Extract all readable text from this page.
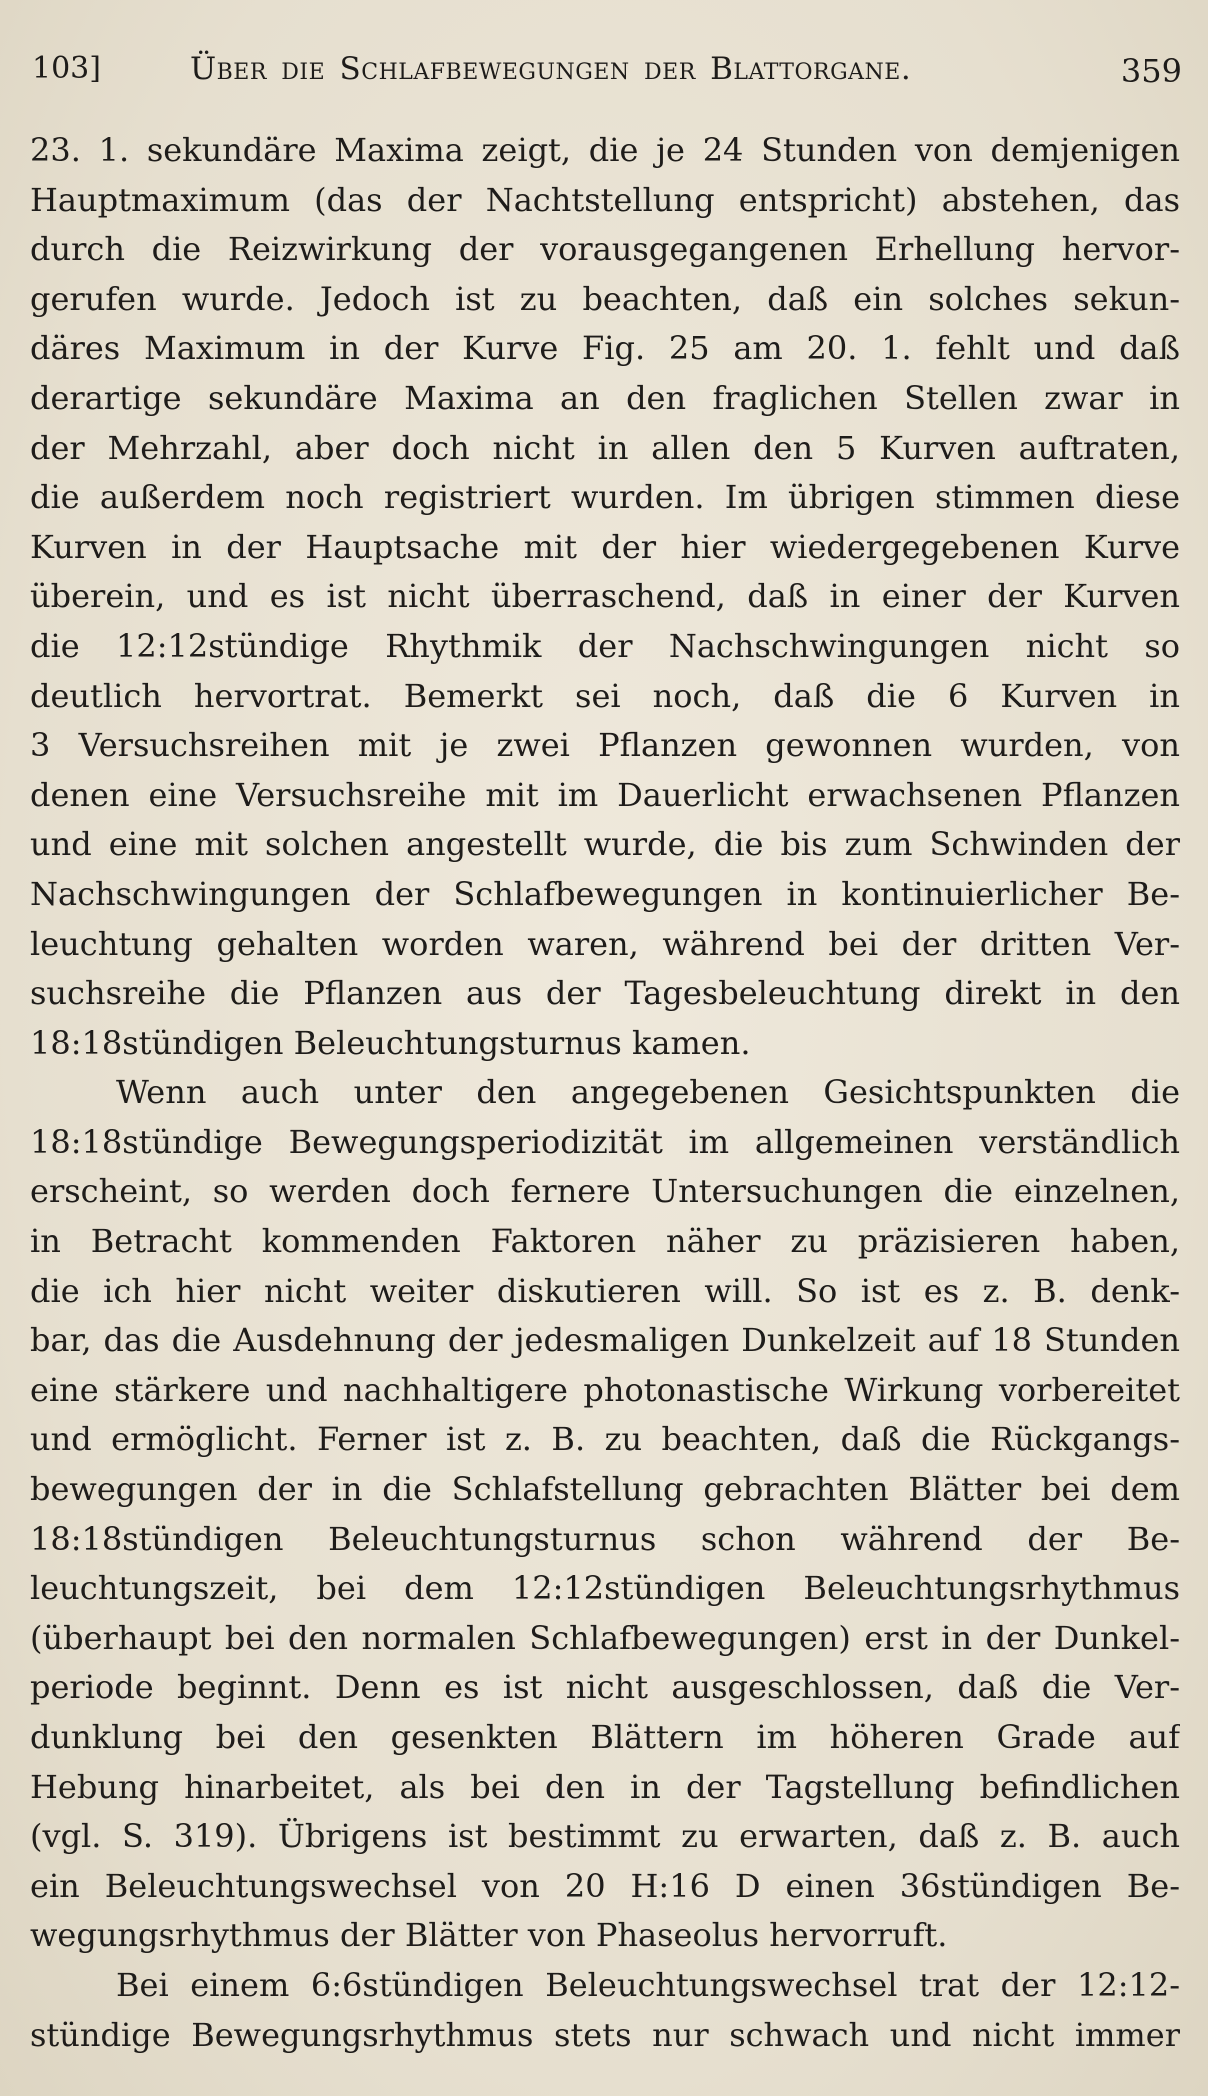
103]	Über die Schlafbewegungen der Blattorgane.	359
23. 1. sekundäre Maxima zeigt, die je 24 Stunden von demjenigen
Hauptmaximum (das der Nachtstellung entspricht) abstehen, das
durch die Reizwirkung der vorausgegangenen Erhellung hervor-
gerufen wurde. Jedoch ist zu beachten, daß ein solches sekun-
däres Maximum in der Kurve Fig. 25 am 20. 1. fehlt und daß
derartige sekundäre Maxima an den fraglichen Stellen zwar in
der Mehrzahl, aber doch nicht in allen den 5 Kurven auftraten,
die außerdem noch registriert wurden. Im übrigen stimmen diese
Kurven in der Hauptsache mit der hier wiedergegebenen Kurve
überein, und es ist nicht überraschend, daß in einer der Kurven
die 12:12stündige Rhythmik der Nachschwingungen nicht so
deutlich hervortrat. Bemerkt sei noch, daß die 6 Kurven in
3 Versuchsreihen mit je zwei Pflanzen gewonnen wurden, von
denen eine Versuchsreihe mit im Dauerlicht erwachsenen Pflanzen
und eine mit solchen angestellt wurde, die bis zum Schwinden der
Nachschwingungen der Schlafbewegungen in kontinuierlicher Be-
leuchtung gehalten worden waren, während bei der dritten Ver-
suchsreihe die Pflanzen aus der Tagesbeleuchtung direkt in den
18:18stündigen Beleuchtungsturnus kamen.
Wenn auch unter den angegebenen Gesichtspunkten die
18:18stündige Bewegungsperiodizität im allgemeinen verständlich
erscheint, so werden doch fernere Untersuchungen die einzelnen,
in Betracht kommenden Faktoren näher zu präzisieren haben,
die ich hier nicht weiter diskutieren will. So ist es z. B. denk-
bar, das die Ausdehnung der jedesmaligen Dunkelzeit auf 18 Stunden
eine stärkere und nachhaltigere photonastische Wirkung vorbereitet
und ermöglicht. Ferner ist z. B. zu beachten, daß die Rückgangs-
bewegungen der in die Schlafstellung gebrachten Blätter bei dem
18:18stündigen Beleuchtungsturnus schon während der Be-
leuchtungszeit, bei dem 12:12stündigen Beleuchtungsrhythmus
(überhaupt bei den normalen Schlafbewegungen) erst in der Dunkel-
periode beginnt. Denn es ist nicht ausgeschlossen, daß die Ver-
dunklung bei den gesenkten Blättern im höheren Grade auf
Hebung hinarbeitet, als bei den in der Tagstellung befindlichen
(vgl. S. 319). Übrigens ist bestimmt zu erwarten, daß z. B. auch
ein Beleuchtungswechsel von 20 H:16 D einen 36stündigen Be-
wegungsrhythmus der Blätter von Phaseolus hervorruft.
Bei einem 6:6stündigen Beleuchtungswechsel trat der 12:12-
stündige Bewegungsrhythmus stets nur schwach und nicht immer
